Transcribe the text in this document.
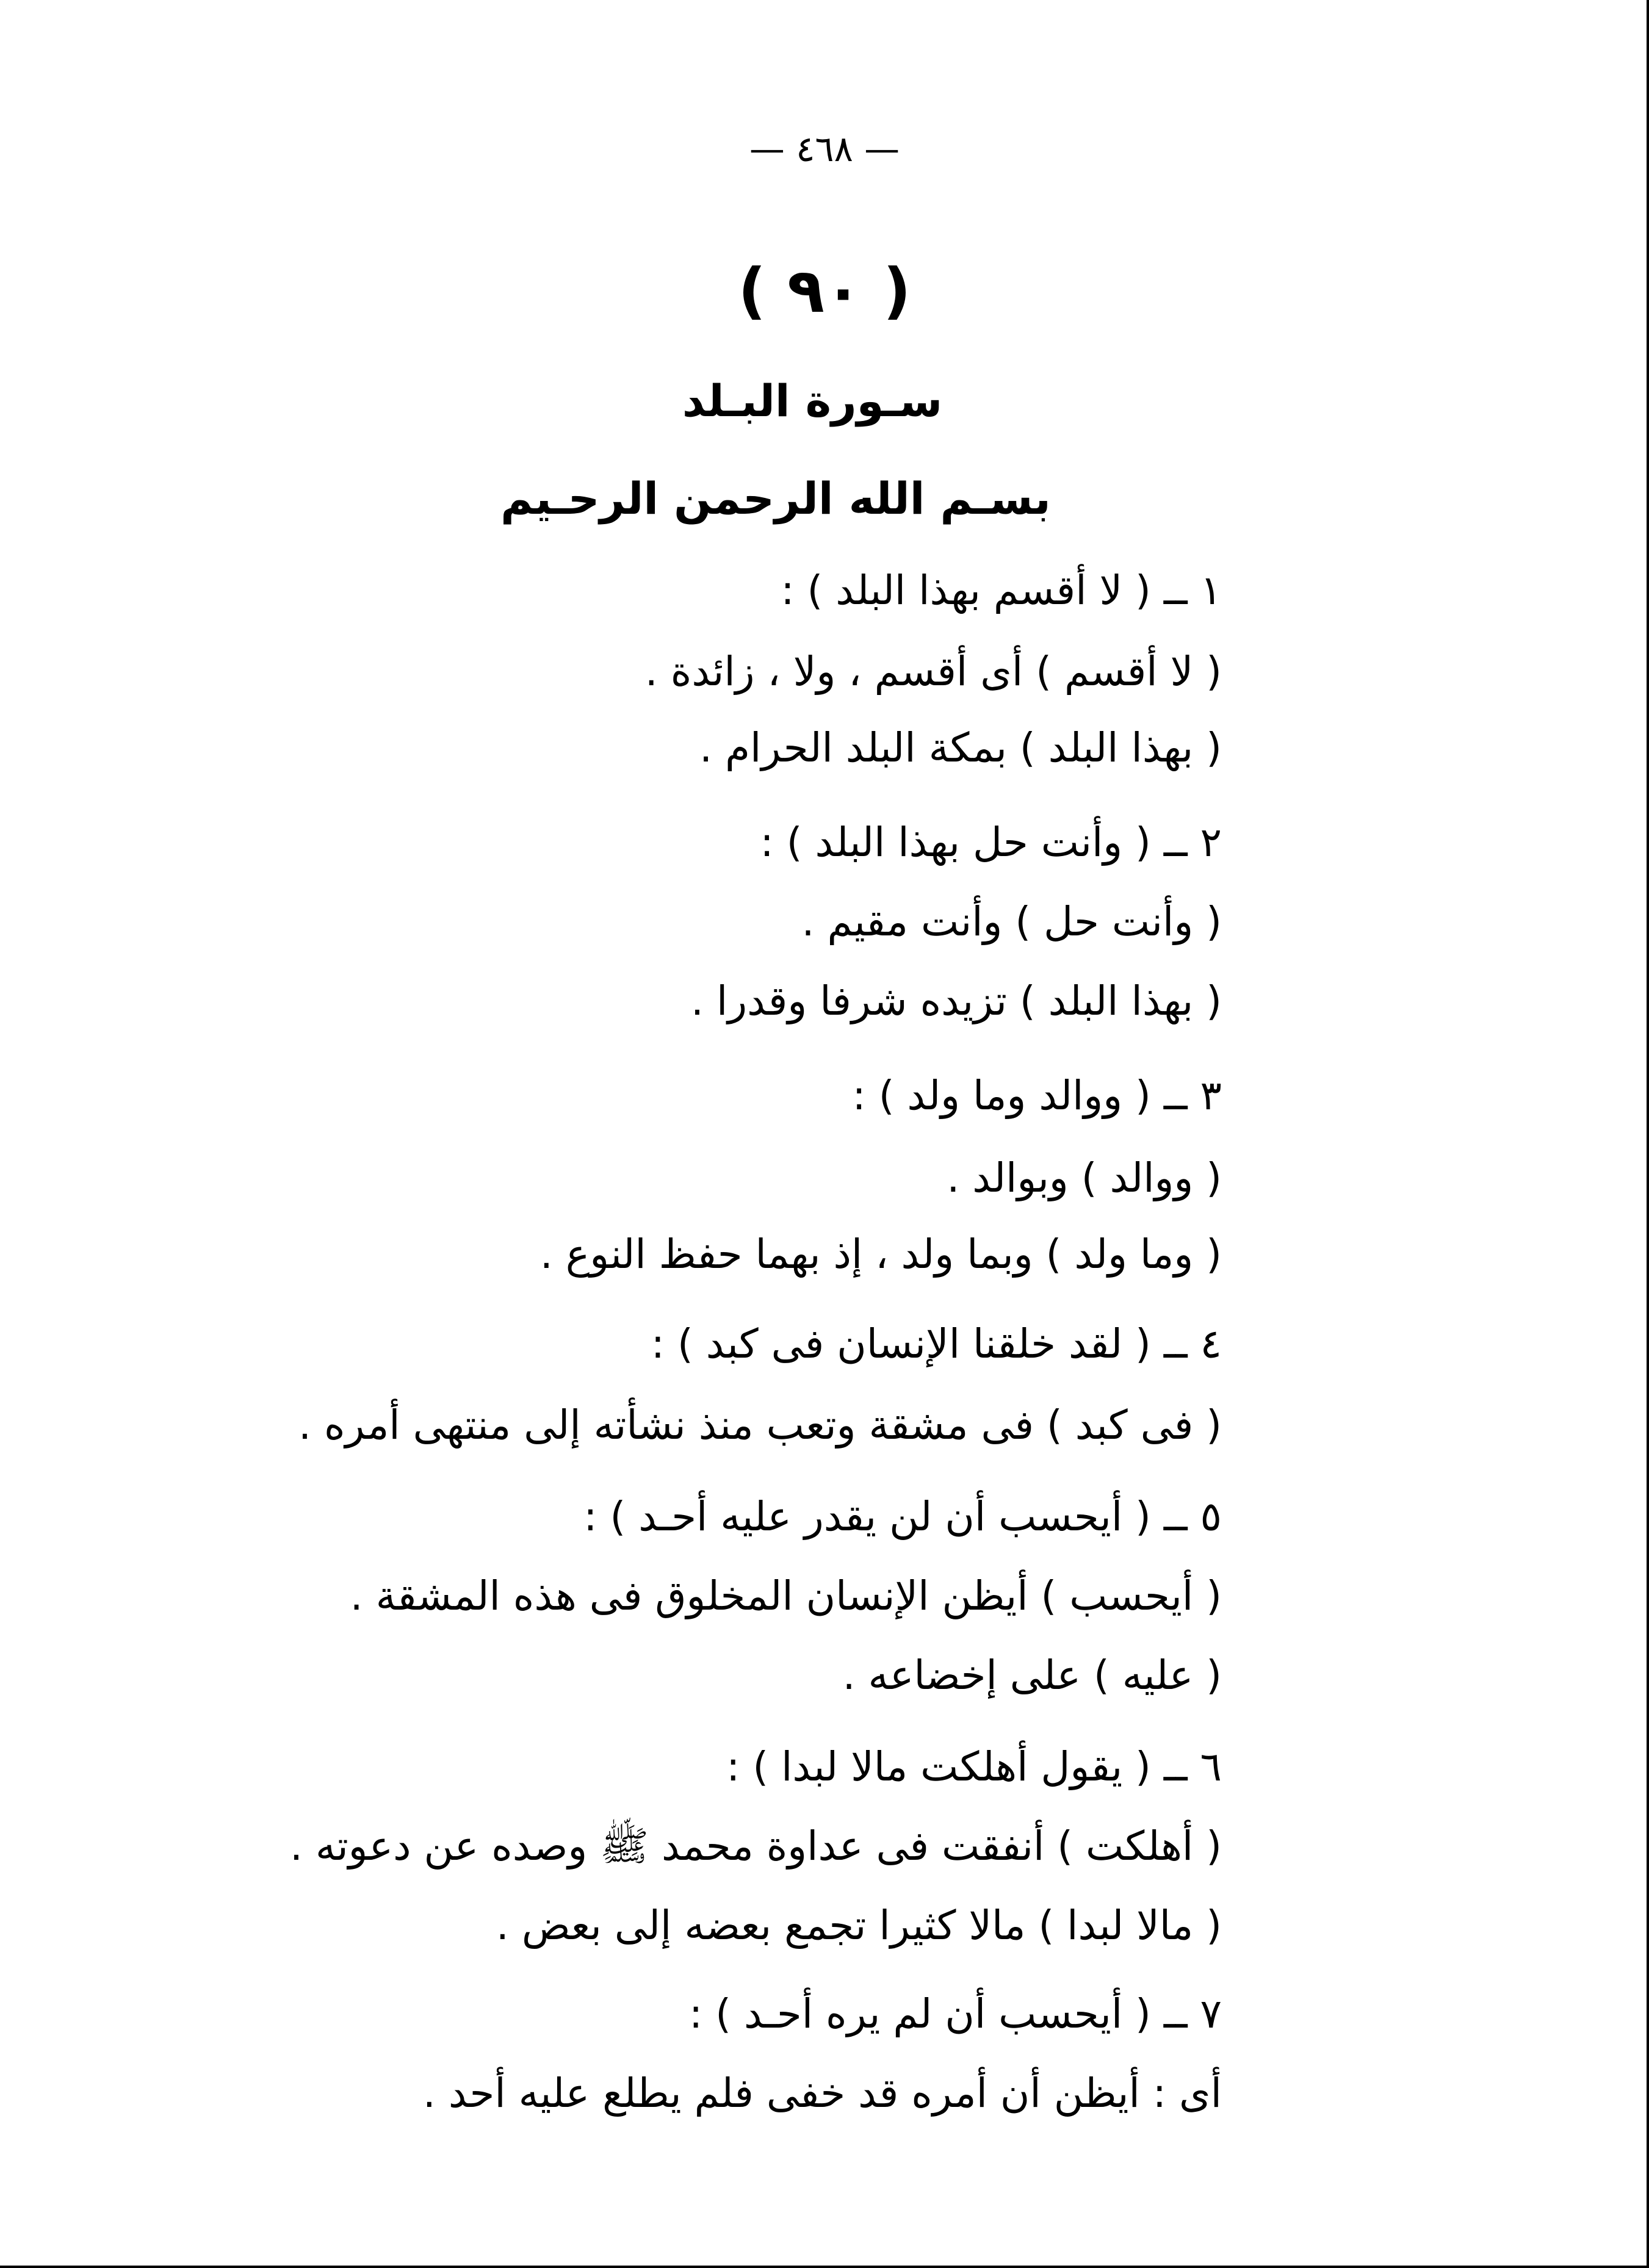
— ٤٦٨ —
( ٩٠ )
سـورة البـلد
بسـم الله الرحمن الرحـيم
١ ــ ( لا أقسم بهذا البلد ) :
( لا أقسم ) أى أقسم ، ولا ، زائدة .
( بهذا البلد ) بمكة البلد الحرام .
٢ ــ ( وأنت حل بهذا البلد ) :
( وأنت حل ) وأنت مقيم .
( بهذا البلد ) تزيده شرفا وقدرا .
٣ ــ ( ووالد وما ولد ) :
( ووالد ) وبوالد .
( وما ولد ) وبما ولد ، إذ بهما حفظ النوع .
٤ ــ ( لقد خلقنا الإنسان فى كبد ) :
( فى كبد ) فى مشقة وتعب منذ نشأته إلى منتهى أمره .
٥ ــ ( أيحسب أن لن يقدر عليه أحـد ) :
( أيحسب ) أيظن الإنسان المخلوق فى هذه المشقة .
( عليه ) على إخضاعه .
٦ ــ ( يقول أهلكت مالا لبدا ) :
( أهلكت ) أنفقت فى عداوة محمد ﷺ وصده عن دعوته .
( مالا لبدا ) مالا كثيرا تجمع بعضه إلى بعض .
٧ ــ ( أيحسب أن لم يره أحـد ) :
أى : أيظن أن أمره قد خفى فلم يطلع عليه أحد .
